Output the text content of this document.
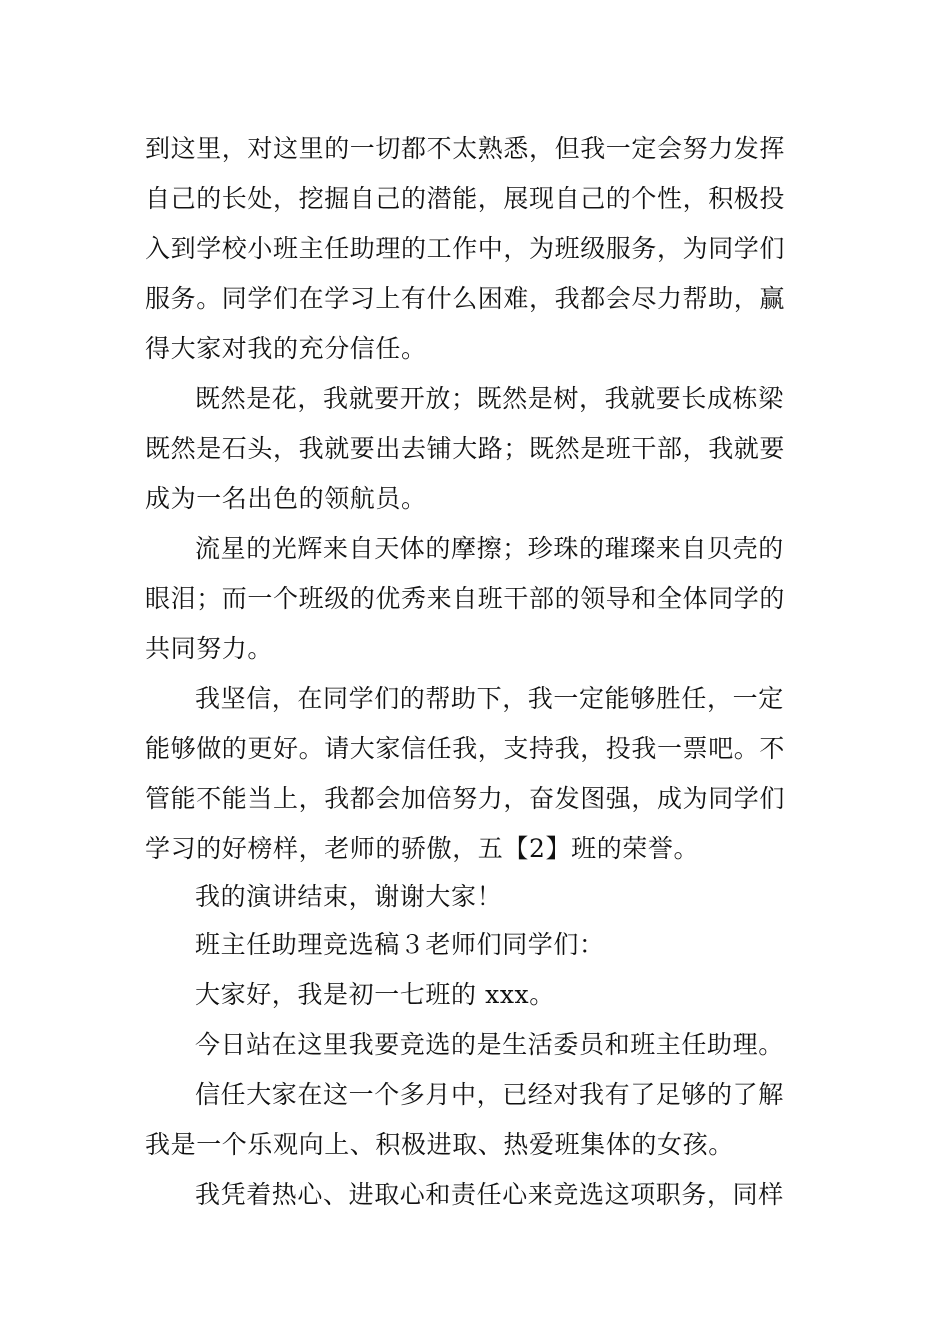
到这里，对这里的一切都不太熟悉，但我一定会努力发挥
自己的长处，挖掘自己的潜能，展现自己的个性，积极投
入到学校小班主任助理的工作中，为班级服务，为同学们
服务。同学们在学习上有什么困难，我都会尽力帮助，赢
得大家对我的充分信任。
既然是花，我就要开放；既然是树，我就要长成栋梁
既然是石头，我就要出去铺大路；既然是班干部，我就要
成为一名出色的领航员。
流星的光辉来自天体的摩擦；珍珠的璀璨来自贝壳的
眼泪；而一个班级的优秀来自班干部的领导和全体同学的
共同努力。
我坚信，在同学们的帮助下，我一定能够胜任，一定
能够做的更好。请大家信任我，支持我，投我一票吧。不
管能不能当上，我都会加倍努力，奋发图强，成为同学们
学习的好榜样，老师的骄傲，五【2】班的荣誉。
我的演讲结束，谢谢大家！
班主任助理竞选稿３老师们同学们：
大家好，我是初一七班的 xxx。
今日站在这里我要竞选的是生活委员和班主任助理。
信任大家在这一个多月中，已经对我有了足够的了解
我是一个乐观向上、积极进取、热爱班集体的女孩。
我凭着热心、进取心和责任心来竞选这项职务，同样
